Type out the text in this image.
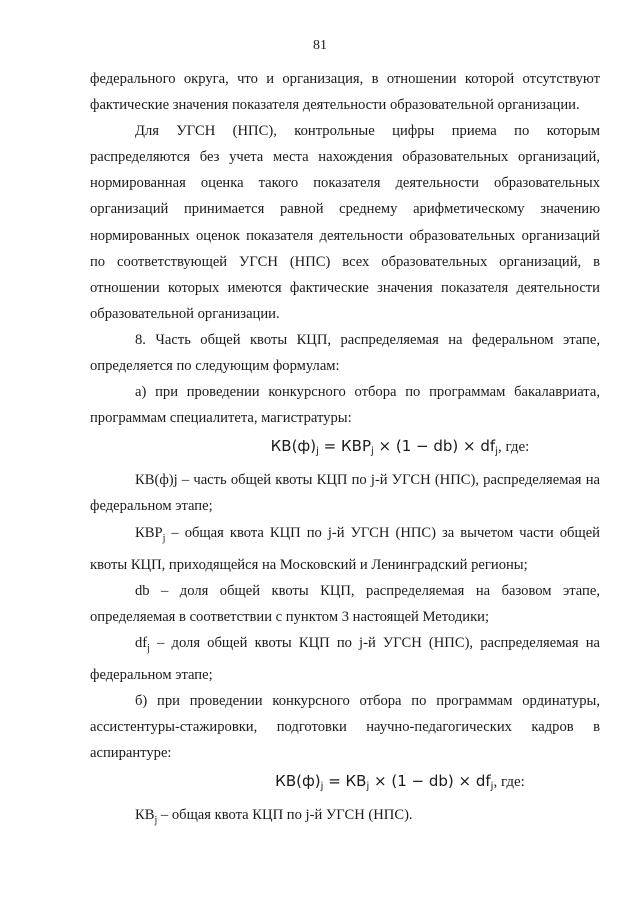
81

федерального округа, что и организация, в отношении которой отсутствуют фактические значения показателя деятельности образовательной организации.

Для УГСН (НПС), контрольные цифры приема по которым распределяются без учета места нахождения образовательных организаций, нормированная оценка такого показателя деятельности образовательных организаций принимается равной среднему арифметическому значению нормированных оценок показателя деятельности образовательных организаций по соответствующей УГСН (НПС) всех образовательных организаций, в отношении которых имеются фактические значения показателя деятельности образовательной организации.

8. Часть общей квоты КЦП, распределяемая на федеральном этапе, определяется по следующим формулам:

а) при проведении конкурсного отбора по программам бакалавриата, программам специалитета, магистратуры:

$КВ(ф)_j = КВР_j \times (1 - db) \times df_j$, где:

КВ(ф)j – часть общей квоты КЦП по j-й УГСН (НПС), распределяемая на федеральном этапе;

$КВР_j$ – общая квота КЦП по j-й УГСН (НПС) за вычетом части общей квоты КЦП, приходящейся на Московский и Ленинградский регионы;

db – доля общей квоты КЦП, распределяемая на базовом этапе, определяемая в соответствии с пунктом 3 настоящей Методики;

$df_j$ – доля общей квоты КЦП по j-й УГСН (НПС), распределяемая на федеральном этапе;

б) при проведении конкурсного отбора по программам ординатуры, ассистентуры-стажировки, подготовки научно-педагогических кадров в аспирантуре:

$КВ(ф)_j = КВ_j \times (1 - db) \times df_j$, где:

$КВ_j$ – общая квота КЦП по j-й УГСН (НПС).
